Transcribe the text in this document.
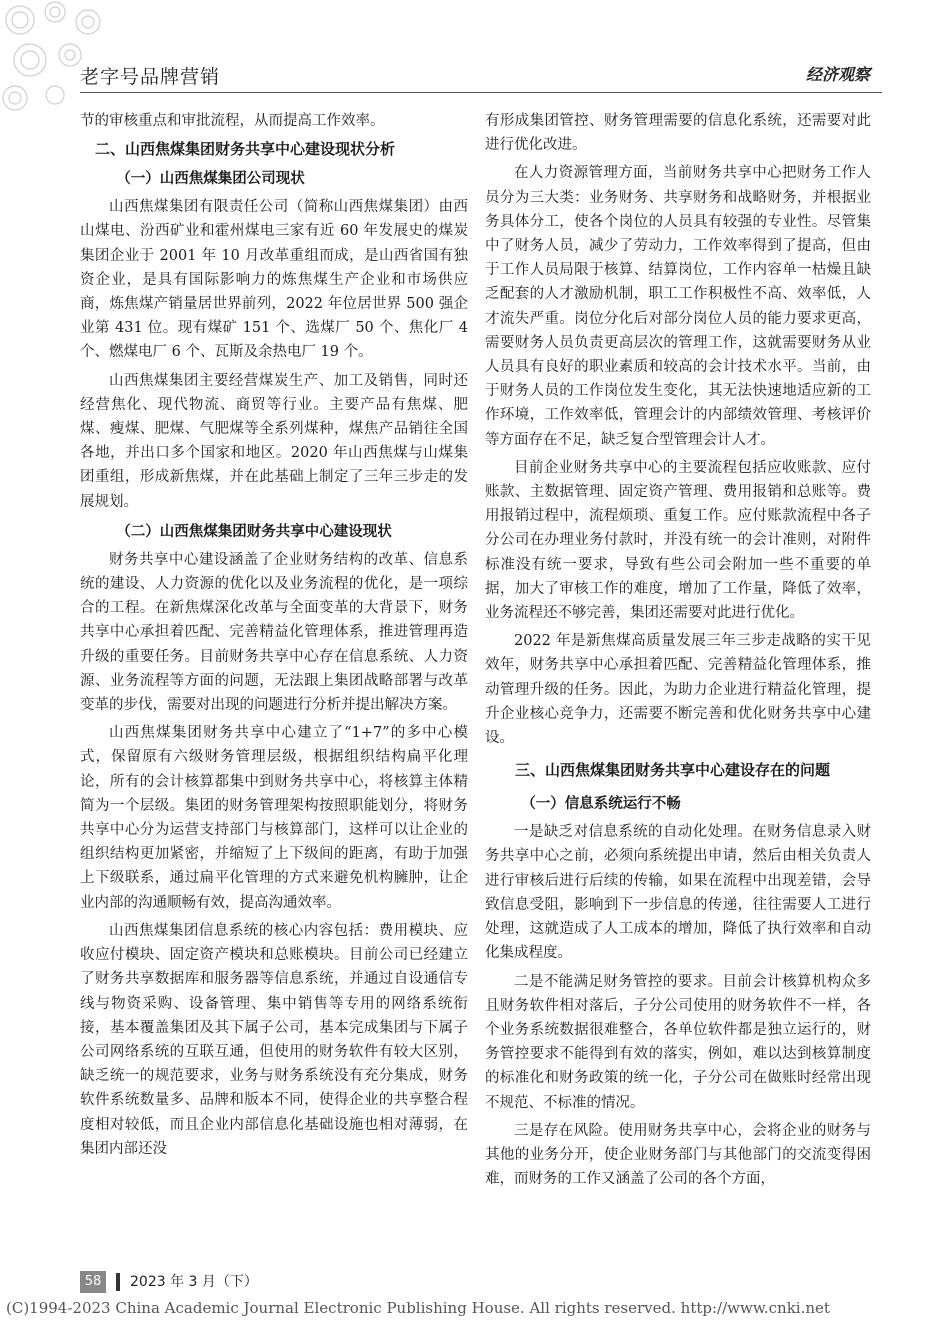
老字号品牌营销	经济观察

节的审核重点和审批流程，从而提高工作效率。

二、山西焦煤集团财务共享中心建设现状分析
（一）山西焦煤集团公司现状

山西焦煤集团有限责任公司（简称山西焦煤集团）由西山煤电、汾西矿业和霍州煤电三家有近 60 年发展史的煤炭集团企业于 2001 年 10 月改革重组而成，是山西省国有独资企业，是具有国际影响力的炼焦煤生产企业和市场供应商，炼焦煤产销量居世界前列，2022 年位居世界 500 强企业第 431 位。现有煤矿 151 个、选煤厂 50 个、焦化厂 4 个、燃煤电厂 6 个、瓦斯及余热电厂 19 个。

山西焦煤集团主要经营煤炭生产、加工及销售，同时还经营焦化、现代物流、商贸等行业。主要产品有焦煤、肥煤、瘦煤、肥煤、气肥煤等全系列煤种，煤焦产品销往全国各地，并出口多个国家和地区。2020 年山西焦煤与山煤集团重组，形成新焦煤，并在此基础上制定了三年三步走的发展规划。

（二）山西焦煤集团财务共享中心建设现状

财务共享中心建设涵盖了企业财务结构的改革、信息系统的建设、人力资源的优化以及业务流程的优化，是一项综合的工程。在新焦煤深化改革与全面变革的大背景下，财务共享中心承担着匹配、完善精益化管理体系，推进管理再造升级的重要任务。目前财务共享中心存在信息系统、人力资源、业务流程等方面的问题，无法跟上集团战略部署与改革变革的步伐，需要对出现的问题进行分析并提出解决方案。

山西焦煤集团财务共享中心建立了“1+7”的多中心模式，保留原有六级财务管理层级，根据组织结构扁平化理论，所有的会计核算都集中到财务共享中心，将核算主体精简为一个层级。集团的财务管理架构按照职能划分，将财务共享中心分为运营支持部门与核算部门，这样可以让企业的组织结构更加紧密，并缩短了上下级间的距离，有助于加强上下级联系，通过扁平化管理的方式来避免机构臃肿，让企业内部的沟通顺畅有效，提高沟通效率。

山西焦煤集团信息系统的核心内容包括：费用模块、应收应付模块、固定资产模块和总账模块。目前公司已经建立了财务共享数据库和服务器等信息系统，并通过自设通信专线与物资采购、设备管理、集中销售等专用的网络系统衔接，基本覆盖集团及其下属子公司，基本完成集团与下属子公司网络系统的互联互通，但使用的财务软件有较大区别，缺乏统一的规范要求，业务与财务系统没有充分集成，财务软件系统数量多、品牌和版本不同，使得企业的共享整合程度相对较低，而且企业内部信息化基础设施也相对薄弱，在集团内部还没

有形成集团管控、财务管理需要的信息化系统，还需要对此进行优化改进。

在人力资源管理方面，当前财务共享中心把财务工作人员分为三大类：业务财务、共享财务和战略财务，并根据业务具体分工，使各个岗位的人员具有较强的专业性。尽管集中了财务人员，减少了劳动力，工作效率得到了提高，但由于工作人员局限于核算、结算岗位，工作内容单一枯燥且缺乏配套的人才激励机制，职工工作积极性不高、效率低，人才流失严重。岗位分化后对部分岗位人员的能力要求更高，需要财务人员负责更高层次的管理工作，这就需要财务从业人员具有良好的职业素质和较高的会计技术水平。当前，由于财务人员的工作岗位发生变化，其无法快速地适应新的工作环境，工作效率低，管理会计的内部绩效管理、考核评价等方面存在不足，缺乏复合型管理会计人才。

目前企业财务共享中心的主要流程包括应收账款、应付账款、主数据管理、固定资产管理、费用报销和总账等。费用报销过程中，流程烦琐、重复工作。应付账款流程中各子分公司在办理业务付款时，并没有统一的会计准则，对附件标准没有统一要求，导致有些公司会附加一些不重要的单据，加大了审核工作的难度，增加了工作量，降低了效率，业务流程还不够完善，集团还需要对此进行优化。

2022 年是新焦煤高质量发展三年三步走战略的实干见效年，财务共享中心承担着匹配、完善精益化管理体系，推动管理升级的任务。因此，为助力企业进行精益化管理，提升企业核心竞争力，还需要不断完善和优化财务共享中心建设。

三、山西焦煤集团财务共享中心建设存在的问题
（一）信息系统运行不畅

一是缺乏对信息系统的自动化处理。在财务信息录入财务共享中心之前，必须向系统提出申请，然后由相关负责人进行审核后进行后续的传输，如果在流程中出现差错，会导致信息受阻，影响到下一步信息的传递，往往需要人工进行处理，这就造成了人工成本的增加，降低了执行效率和自动化集成程度。

二是不能满足财务管控的要求。目前会计核算机构众多且财务软件相对落后，子分公司使用的财务软件不一样，各个业务系统数据很难整合，各单位软件都是独立运行的，财务管控要求不能得到有效的落实，例如，难以达到核算制度的标准化和财务政策的统一化，子分公司在做账时经常出现不规范、不标准的情况。

三是存在风险。使用财务共享中心，会将企业的财务与其他的业务分开，使企业财务部门与其他部门的交流变得困难，而财务的工作又涵盖了公司的各个方面，

58	2023 年 3 月（下）
(C)1994-2023 China Academic Journal Electronic Publishing House. All rights reserved. http://www.cnki.net
